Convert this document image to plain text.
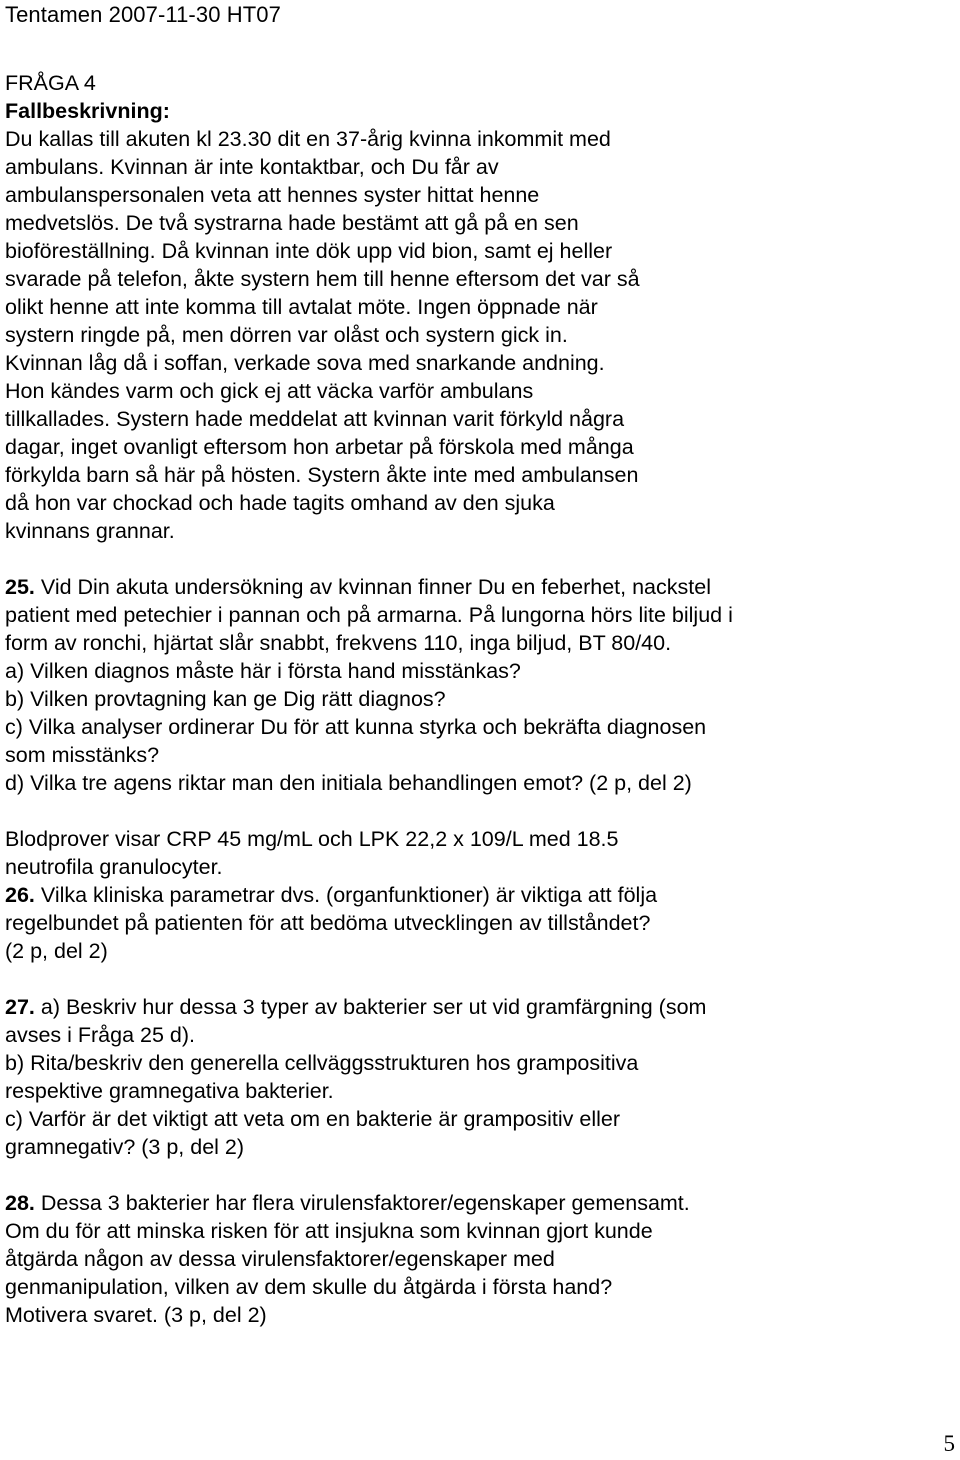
Tentamen 2007-11-30 HT07
FRÅGA 4
Fallbeskrivning:
Du kallas till akuten kl 23.30 dit en 37-årig kvinna inkommit med
ambulans. Kvinnan är inte kontaktbar, och Du får av
ambulanspersonalen veta att hennes syster hittat henne
medvetslös. De två systrarna hade bestämt att gå på en sen
bioföreställning. Då kvinnan inte dök upp vid bion, samt ej heller
svarade på telefon, åkte systern hem till henne eftersom det var så
olikt henne att inte komma till avtalat möte. Ingen öppnade när
systern ringde på, men dörren var olåst och systern gick in.
Kvinnan låg då i soffan, verkade sova med snarkande andning.
Hon kändes varm och gick ej att väcka varför ambulans
tillkallades. Systern hade meddelat att kvinnan varit förkyld några
dagar, inget ovanligt eftersom hon arbetar på förskola med många
förkylda barn så här på hösten. Systern åkte inte med ambulansen
då hon var chockad och hade tagits omhand av den sjuka
kvinnans grannar.
25. Vid Din akuta undersökning av kvinnan finner Du en feberhet, nackstel
patient med petechier i pannan och på armarna. På lungorna hörs lite biljud i
form av ronchi, hjärtat slår snabbt, frekvens 110, inga biljud, BT 80/40.
a) Vilken diagnos måste här i första hand misstänkas?
b) Vilken provtagning kan ge Dig rätt diagnos?
c) Vilka analyser ordinerar Du för att kunna styrka och bekräfta diagnosen
som misstänks?
d) Vilka tre agens riktar man den initiala behandlingen emot? (2 p, del 2)
Blodprover visar CRP 45 mg/mL och LPK 22,2 x 109/L med 18.5
neutrofila granulocyter.
26. Vilka kliniska parametrar dvs. (organfunktioner) är viktiga att följa
regelbundet på patienten för att bedöma utvecklingen av tillståndet?
(2 p, del 2)
27. a) Beskriv hur dessa 3 typer av bakterier ser ut vid gramfärgning (som
avses i Fråga 25 d).
b) Rita/beskriv den generella cellväggsstrukturen hos grampositiva
respektive gramnegativa bakterier.
c) Varför är det viktigt att veta om en bakterie är grampositiv eller
gramnegativ? (3 p, del 2)
28. Dessa 3 bakterier har flera virulensfaktorer/egenskaper gemensamt.
Om du för att minska risken för att insjukna som kvinnan gjort kunde
åtgärda någon av dessa virulensfaktorer/egenskaper med
genmanipulation, vilken av dem skulle du åtgärda i första hand?
Motivera svaret. (3 p, del 2)
5
